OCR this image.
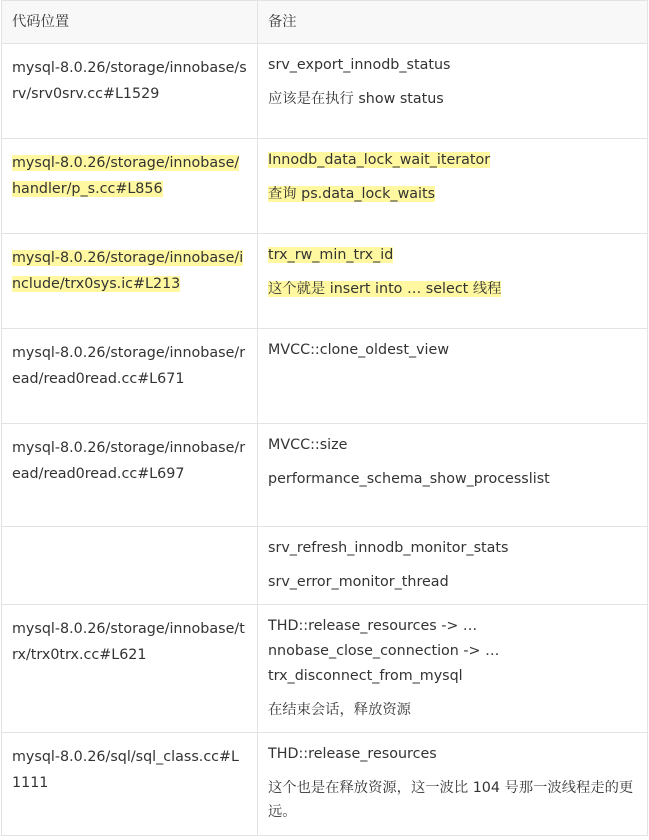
代码位置	备注
mysql-8.0.26/storage/innobase/srv/srv0srv.cc#L1529	srv_export_innodb_status

应该是在执行 show status

mysql-8.0.26/storage/innobase/handler/p_s.cc#L856	Innodb_data_lock_wait_iterator

查询 ps.data_lock_waits

mysql-8.0.26/storage/innobase/include/trx0sys.ic#L213	trx_rw_min_trx_id

这个就是 insert into … select 线程

mysql-8.0.26/storage/innobase/read/read0read.cc#L671	MVCC::clone_oldest_view

mysql-8.0.26/storage/innobase/read/read0read.cc#L697	MVCC::size

performance_schema_show_processlist

	srv_refresh_innodb_monitor_stats

srv_error_monitor_thread

mysql-8.0.26/storage/innobase/trx/trx0trx.cc#L621	THD::release_resources -> …

nnobase_close_connection -> …

trx_disconnect_from_mysql

在结束会话，释放资源

mysql-8.0.26/sql/sql_class.cc#L1111	THD::release_resources

这个也是在释放资源，这一波比 104 号那一波线程走的更远。
